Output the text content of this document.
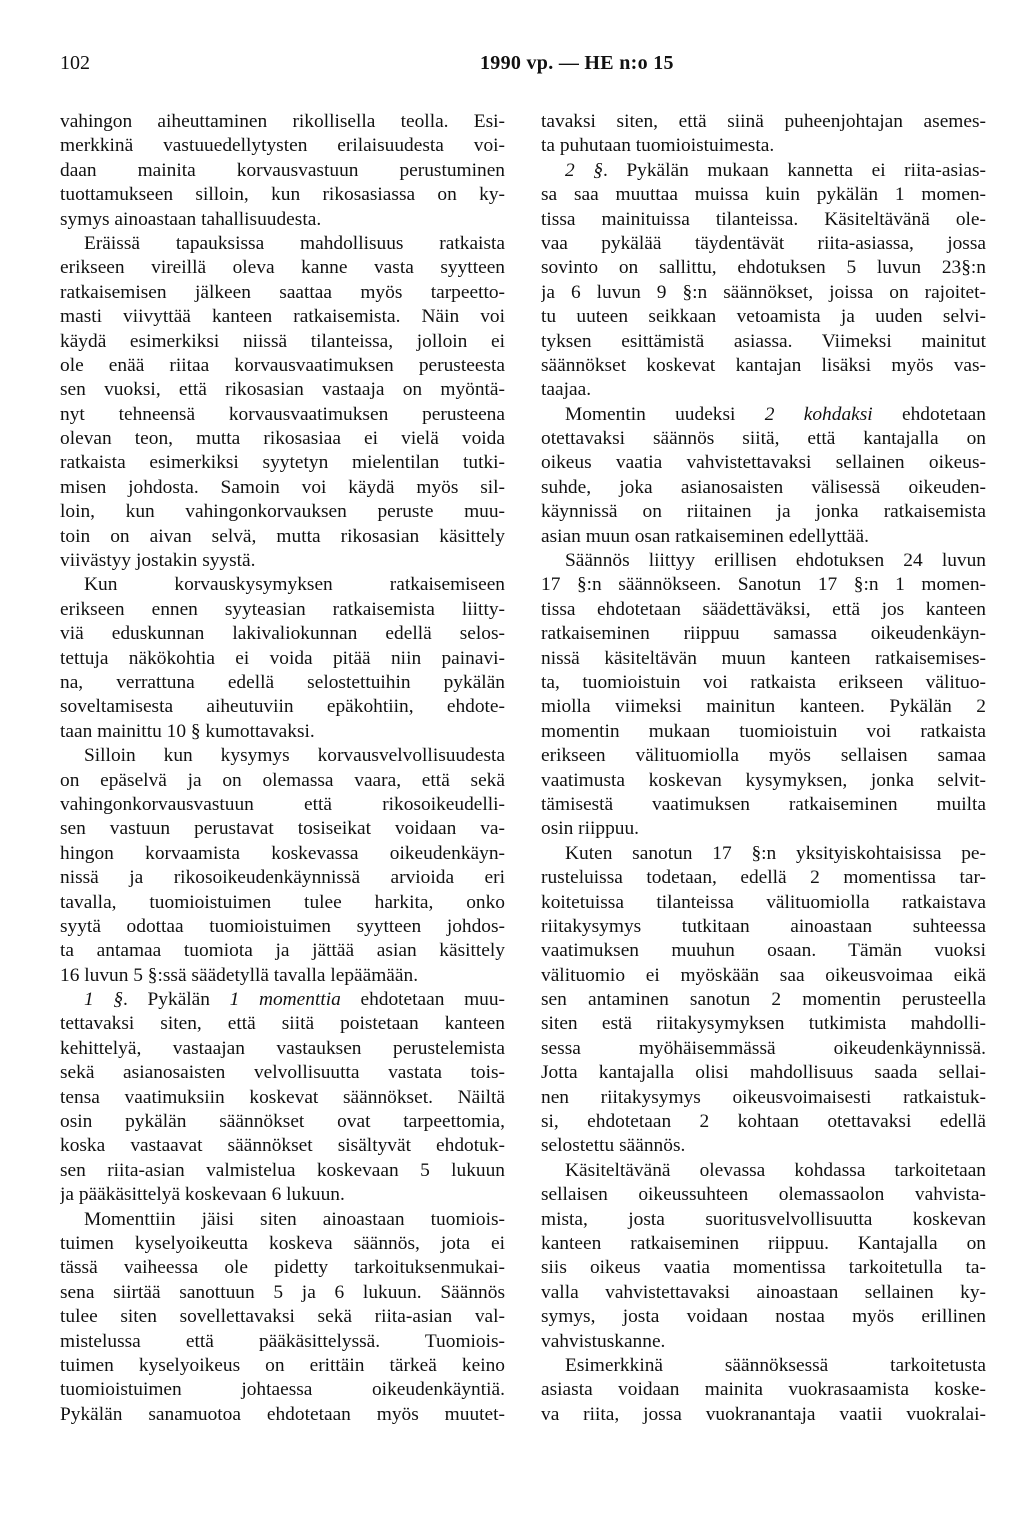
102	1990 vp. — HE n:o 15
vahingon aiheuttaminen rikollisella teolla. Esi-
merkkinä vastuuedellytysten erilaisuudesta voi-
daan mainita korvausvastuun perustuminen
tuottamukseen silloin, kun rikosasiassa on ky-
symys ainoastaan tahallisuudesta.
Eräissä tapauksissa mahdollisuus ratkaista
erikseen vireillä oleva kanne vasta syytteen
ratkaisemisen jälkeen saattaa myös tarpeetto-
masti viivyttää kanteen ratkaisemista. Näin voi
käydä esimerkiksi niissä tilanteissa, jolloin ei
ole enää riitaa korvausvaatimuksen perusteesta
sen vuoksi, että rikosasian vastaaja on myöntä-
nyt tehneensä korvausvaatimuksen perusteena
olevan teon, mutta rikosasiaa ei vielä voida
ratkaista esimerkiksi syytetyn mielentilan tutki-
misen johdosta. Samoin voi käydä myös sil-
loin, kun vahingonkorvauksen peruste muu-
toin on aivan selvä, mutta rikosasian käsittely
viivästyy jostakin syystä.
Kun korvauskysymyksen ratkaisemiseen
erikseen ennen syyteasian ratkaisemista liitty-
viä eduskunnan lakivaliokunnan edellä selos-
tettuja näkökohtia ei voida pitää niin painavi-
na, verrattuna edellä selostettuihin pykälän
soveltamisesta aiheutuviin epäkohtiin, ehdote-
taan mainittu 10 § kumottavaksi.
Silloin kun kysymys korvausvelvollisuudesta
on epäselvä ja on olemassa vaara, että sekä
vahingonkorvausvastuun että rikosoikeudelli-
sen vastuun perustavat tosiseikat voidaan va-
hingon korvaamista koskevassa oikeudenkäyn-
nissä ja rikosoikeudenkäynnissä arvioida eri
tavalla, tuomioistuimen tulee harkita, onko
syytä odottaa tuomioistuimen syytteen johdos-
ta antamaa tuomiota ja jättää asian käsittely
16 luvun 5 §:ssä säädetyllä tavalla lepäämään.
1 §. Pykälän 1 momenttia ehdotetaan muu-
tettavaksi siten, että siitä poistetaan kanteen
kehittelyä, vastaajan vastauksen perustelemista
sekä asianosaisten velvollisuutta vastata tois-
tensa vaatimuksiin koskevat säännökset. Näiltä
osin pykälän säännökset ovat tarpeettomia,
koska vastaavat säännökset sisältyvät ehdotuk-
sen riita-asian valmistelua koskevaan 5 lukuun
ja pääkäsittelyä koskevaan 6 lukuun.
Momenttiin jäisi siten ainoastaan tuomiois-
tuimen kyselyoikeutta koskeva säännös, jota ei
tässä vaiheessa ole pidetty tarkoituksenmukai-
sena siirtää sanottuun 5 ja 6 lukuun. Säännös
tulee siten sovellettavaksi sekä riita-asian val-
mistelussa että pääkäsittelyssä. Tuomiois-
tuimen kyselyoikeus on erittäin tärkeä keino
tuomioistuimen johtaessa oikeudenkäyntiä.
Pykälän sanamuotoa ehdotetaan myös muutet-
tavaksi siten, että siinä puheenjohtajan asemes-
ta puhutaan tuomioistuimesta.
2 §. Pykälän mukaan kannetta ei riita-asias-
sa saa muuttaa muissa kuin pykälän 1 momen-
tissa mainituissa tilanteissa. Käsiteltävänä ole-
vaa pykälää täydentävät riita-asiassa, jossa
sovinto on sallittu, ehdotuksen 5 luvun 23§:n
ja 6 luvun 9 §:n säännökset, joissa on rajoitet-
tu uuteen seikkaan vetoamista ja uuden selvi-
tyksen esittämistä asiassa. Viimeksi mainitut
säännökset koskevat kantajan lisäksi myös vas-
taajaa.
Momentin uudeksi 2 kohdaksi ehdotetaan
otettavaksi säännös siitä, että kantajalla on
oikeus vaatia vahvistettavaksi sellainen oikeus-
suhde, joka asianosaisten välisessä oikeuden-
käynnissä on riitainen ja jonka ratkaisemista
asian muun osan ratkaiseminen edellyttää.
Säännös liittyy erillisen ehdotuksen 24 luvun
17 §:n säännökseen. Sanotun 17 §:n 1 momen-
tissa ehdotetaan säädettäväksi, että jos kanteen
ratkaiseminen riippuu samassa oikeudenkäyn-
nissä käsiteltävän muun kanteen ratkaisemises-
ta, tuomioistuin voi ratkaista erikseen välituo-
miolla viimeksi mainitun kanteen. Pykälän 2
momentin mukaan tuomioistuin voi ratkaista
erikseen välituomiolla myös sellaisen samaa
vaatimusta koskevan kysymyksen, jonka selvit-
tämisestä vaatimuksen ratkaiseminen muilta
osin riippuu.
Kuten sanotun 17 §:n yksityiskohtaisissa pe-
rusteluissa todetaan, edellä 2 momentissa tar-
koitetuissa tilanteissa välituomiolla ratkaistava
riitakysymys tutkitaan ainoastaan suhteessa
vaatimuksen muuhun osaan. Tämän vuoksi
välituomio ei myöskään saa oikeusvoimaa eikä
sen antaminen sanotun 2 momentin perusteella
siten estä riitakysymyksen tutkimista mahdolli-
sessa myöhäisemmässä oikeudenkäynnissä.
Jotta kantajalla olisi mahdollisuus saada sellai-
nen riitakysymys oikeusvoimaisesti ratkaistuk-
si, ehdotetaan 2 kohtaan otettavaksi edellä
selostettu säännös.
Käsiteltävänä olevassa kohdassa tarkoitetaan
sellaisen oikeussuhteen olemassaolon vahvista-
mista, josta suoritusvelvollisuutta koskevan
kanteen ratkaiseminen riippuu. Kantajalla on
siis oikeus vaatia momentissa tarkoitetulla ta-
valla vahvistettavaksi ainoastaan sellainen ky-
symys, josta voidaan nostaa myös erillinen
vahvistuskanne.
Esimerkkinä säännöksessä tarkoitetusta
asiasta voidaan mainita vuokrasaamista koske-
va riita, jossa vuokranantaja vaatii vuokralai-
